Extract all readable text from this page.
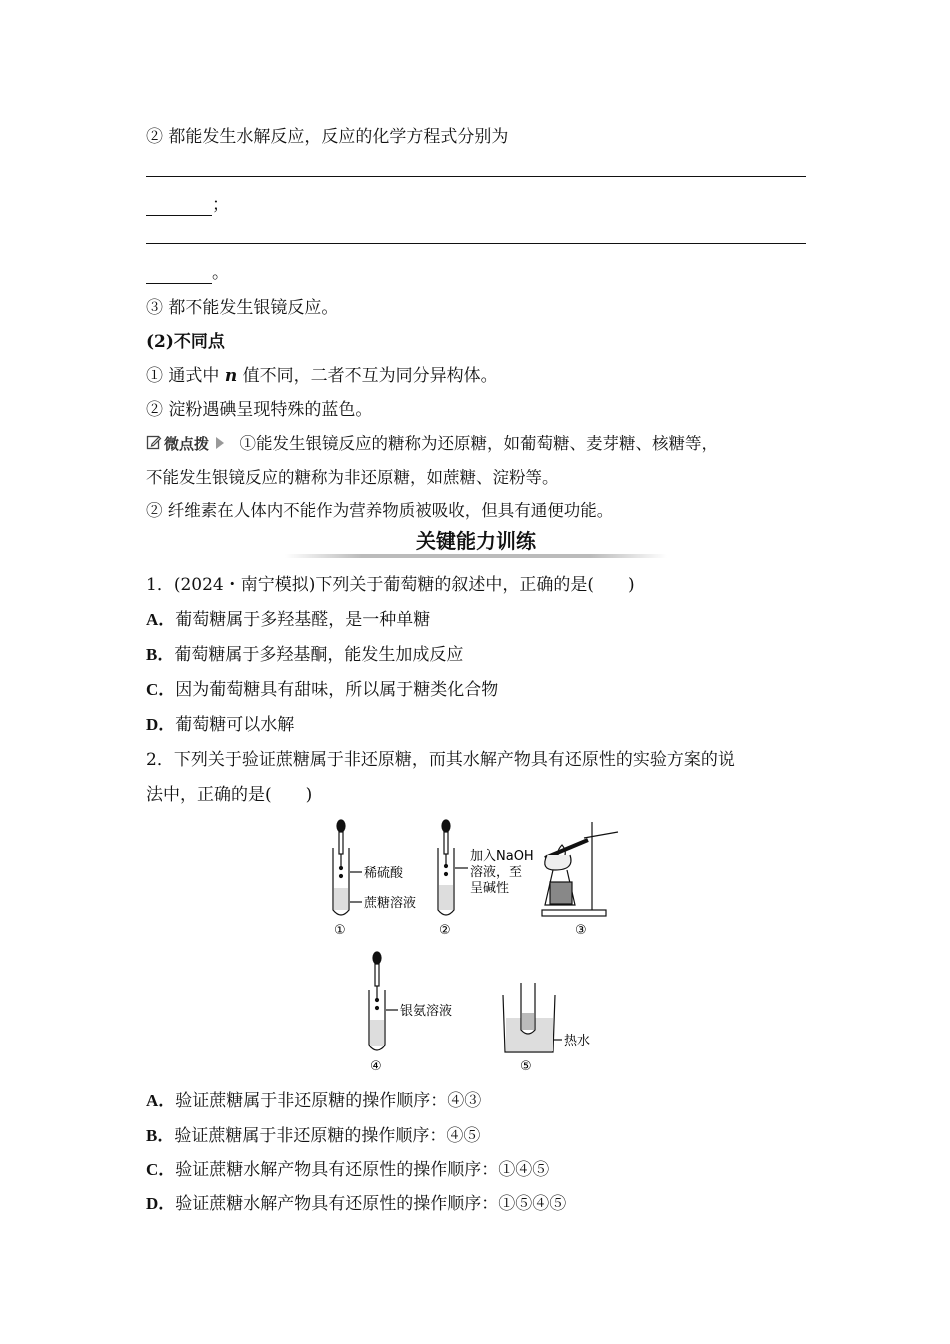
② 都能发生水解反应，反应的化学方程式分别为
；
。
③ 都不能发生银镜反应。
(2)不同点
① 通式中 n 值不同，二者不互为同分异构体。
② 淀粉遇碘呈现特殊的蓝色。
微点拨 ①能发生银镜反应的糖称为还原糖，如葡萄糖、麦芽糖、核糖等，
不能发生银镜反应的糖称为非还原糖，如蔗糖、淀粉等。
② 纤维素在人体内不能作为营养物质被吸收，但具有通便功能。
关键能力训练
1．(2024・南宁模拟)下列关于葡萄糖的叙述中，正确的是(　　)
A．葡萄糖属于多羟基醛，是一种单糖
B．葡萄糖属于多羟基酮，能发生加成反应
C．因为葡萄糖具有甜味，所以属于糖类化合物
D．葡萄糖可以水解
2．下列关于验证蔗糖属于非还原糖，而其水解产物具有还原性的实验方案的说
法中，正确的是(　　)
稀硫酸
蔗糖溶液
加入NaOH
溶液，至
呈碱性
银氨溶液
热水
①	②	③
④	⑤
A．验证蔗糖属于非还原糖的操作顺序：④③
B．验证蔗糖属于非还原糖的操作顺序：④⑤
C．验证蔗糖水解产物具有还原性的操作顺序：①④⑤
D．验证蔗糖水解产物具有还原性的操作顺序：①⑤④⑤
